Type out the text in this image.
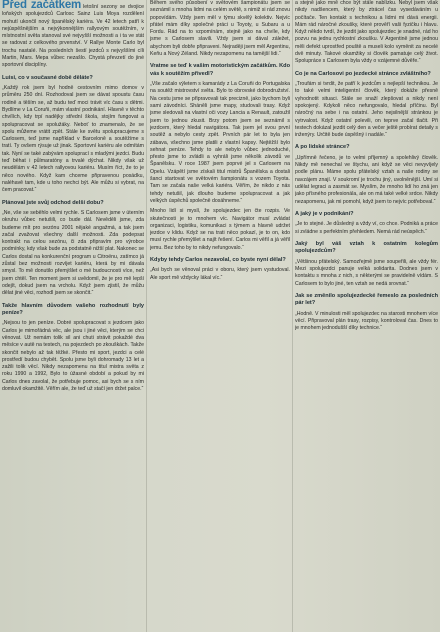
Před začátkem letošní sezony se dvojice loňských spolujezdců Carlosc Sainz Luis Moya rozdělení mohutí ukončil nový španělský kariéra. Ve 42 letech patří k nejúspěšnějším a nejvýkonnějším rallyovým soutěžním, v místnostní světa stanoval své nejvyšší možnosti a i ta ve stát se radovat z celkového prvenství. V Rallye Monte Carlo byl trochu nastalé. Na posledních šestí jezdců s nejvyššími cíli Martin, Mars. Mepa vůbec nezašlo. Chystá převzetí do jiné sportovní disciplíny.

Luisi, co v současné době děláte?

„Každý rok jsem byl hodně cestovním mimo domov v průměru 250 dní. Rozhodoval jsem se dávat spoustu času rodině a těším se, až budu teď moci trávit víc času s dětmi. Bydlíme v La Coruňi, mám vlastní podnikání. Hlavně v těchto chvílích, kdy trpí nadějky střední škola, stojím fungovat a spolupracovat se spolužáky. Neboť to znamenalo, že se spolu můžeme vrátit zpět. Stále ke světu spolupracujeme s Carlosem, teď jsme například v Barceloně a soutěžíme s tratí. Ty ovšem rýsuje už jinak. Sportovní kariéru ale odmítám tak. Nyní se také zabývám spoluprací s mladými jezdci. Budu teď běhat i půlmaratóny a trvalé dýchat. Nikdy však už neudělám v 42 letech rallyovou kariéru. Musím říct, že to je něco nového. Když kam chceme připravenou posádku, naléhavě tam, kde u toho nechci být. Ale můžu si vybrat, na čem pracovat.“

Plánoval jste svůj odchod delší dobu?

„Ne, vše se seběhlo velmi rychle. S Carlosem jsme v úterním okruhu vůbec netušili, co bude dál. Nevěděli jsme, zda budeme mít pro sezónu 2001 nějaké angažmá, a tak jsem začal zvažovat všechny další možnosti. Zda podepsat kontrakt na celou sezónu, či zda připravím pro výrobce podmínky, kdy však bude za podstatně nižší plat. Nakonec se Carlos dostal na konkurenční program u Citroënu, zatímco já zůstal bez možnosti rozvíjet kariéru, která by mi dávala smysl. To mě donutilo přemýšlet o mé budoucnosti více, než jsem chtěl. Ten moment jsem si uvědomil, že je pro mě lepší odejít, dokud jsem na vrcholu. Když jsem zjistil, že můžu dělat jiné věci, rozhodl jsem se skončit.“

Takže hlavním důvodem vašeho rozhodnutí byly peníze?

„Nejsou to jen peníze. Dobré spolupracovat s jezdcem jako Carlos je mimořádná věc, ale jsou i jiné věci, kterým se chci věnovat. Už nemám tolik sil ani chuti strávit pokaždé dva měsíce v autě na testech, na pojezdech po zkouškách. Takže skončit nebylo až tak těžké. Přesto mi sport, jezdci a celé prostředí budou chybět. Spolu jsme byli dohromady 13 let a zažili tolik věcí. Nikdy nezapomenu na titul mistra světa z roku 1990 a 1992, Bylo to úžasné období a pokud by mi Carlos dnes zavolal, že potřebuje pomoc, asi bych se s ním domluvil okamžitě. Věřím ale, že teď už stačí jen držet palce.“

Během svého působení v světovém šampionátu jsem se seznámil s mnoha lidmi na celém světě, s nimiž si rád znovu popovídám. Vždy jsem měl v týmu skvělý kolektiv. Nejvíc přátel mám díky společné práci u Toyoty, u Subaru a u Fordu. Rád na to vzpomínám, stejně jako na chvíle, kdy jsme s Carlosem slavili. Vždy jsem si dával záležet, abychom byli dobře připraveni. Nejraději jsem měl Argentinu, Keňu a Nový Zéland. Nikdy nezapomenu na tamější lidi.“

Vratme se teď k vašim motoristickým začátkům. Kdo vás k soutěžím přivedl?

„Vše začalo výletem s kamarády z La Coruňi do Portugalska na soutěž mistrovství světa. Bylo to obrovské dobrodružství. Na cestu jsme se připravovali tak precizně, jako bychom byli sami závodníci. Sháněli jsme mapy, studovali trasy. Když jsme sledovali na vlastní oči vozy Lancia a Renault, zatoužil jsem to jednou zkusit. Brzy potom jsem se seznámil s jezdcem, který hledal navigátora. Tak jsem jel svou první soutěž a nebylo cesty zpět. Prvních pár let to byla jen zábava, všechno jsme platili z vlastní kapsy. Nejtěžší bylo sehnat peníze. Tehdy to ale nebylo vůbec jednoduché, přesto jsme to zvládli a vyhráli jsme několik závodů ve Španělsku. V roce 1987 jsem poprvé jel s Carlosem na Opelu. Vzápětí jsme získali titul mistrů Španělska a dostali šanci startovat ve světovém šampionátu s vozem Toyota. Tam se začala naše velká kariéra. Věřím, že nikdo z nás tehdy netušil, jak dlouho budeme spolupracovat a jak velkých úspěchů společně dosáhneme.“

Mnoho lidí si myslí, že spolujezdec jen čte rozpis. Ve skutečnosti je to mnohem víc. Navigátor musí zvládat organizaci, logistiku, komunikaci s týmem a hlavně udržet jezdce v klidu. Když se na trati něco pokazí, je to on, kdo musí rychle přemýšlet a najít řešení. Carlos mi věřil a já věřil jemu. Bez toho by to nikdy nefungovalo.“

Kdyby tehdy Carlos nezavolal, co byste nyní dělal?

„Asi bych se věnoval práci v oboru, který jsem vystudoval. Ale sport mě vždycky lákal víc.“

a stejně jako mně chce být stále nablízku. Nebyl jsem však nikdy nadšencem, který by ztrácel čas vysedáváním u počítače. Ten kontakt s technikou a lidmi mi dává energii. Mám rád náročné zkoušky, které prověří vaši fyzičku i hlavu. Když někdo tvrdí, že jezdit jako spolujezdec je snadné, rád ho pozvu na jednu rychlostní zkoušku. V Argentině jsme jednou měli defekt uprostřed pouště a museli kolo vyměnit za necelé dvě minuty. Takové okamžiky si člověk pamatuje celý život. Spolupráce s Carlosem byla vždy o vzájemné důvěře.“

Co je na Carlosovi po jezdecké stránce zvláštního?

„Troufám si tvrdit, že patří k jezdcům s nejlepší technikou. Je to také velmi inteligentní člověk, který dokáže přesně vyhodnotit situaci. Stále se snaží zlepšovat a nikdy není spokojený. Kdykoli něco nefungovalo, hledal příčinu. Byl náročný na sebe i na ostatní. Jeho nejsilnější stránkou je vytrvalost. Když ostatní polevili, on teprve začal tlačit. Při testech dokázal jezdit celý den a večer ještě probírat detaily s inženýry. Určitě bude úspěšný i nadále.“

A po lidské stránce?

„Upřímně řečeno, je to velmi příjemný a spolehlivý člověk. Nikdy mě nenechal ve štychu, ani když se věci nevyvíjely podle plánu. Máme spolu přátelský vztah a naše rodiny se navzájem znají. V soukromí je trochu jiný, uvolněnější. Umí si udělat legraci a zasmát se. Myslím, že mnoho lidí ho zná jen jako přísného profesionála, ale on má také velké srdce. Nikdy nezapomenu, jak mi pomohl, když jsem to nejvíc potřeboval.“

A jaký je v podnikání?

„Je to stejné. Je důsledný a vždy ví, co chce. Podniká a práce si zvládne s perfektním přehledem. Nemá rád neúspěch.“

Jaký byl váš vztah k ostatním kolegům spolujezdcům?

„Většinou přátelský. Samozřejmě jsme soupeřili, ale vždy fér. Mezi spolujezdci panuje velká solidarita. Dodnes jsem v kontaktu s mnoha z nich, s některými se pravidelně vídám. S Carlosem to bylo jiné, ten vztah se nedá srovnat.“

Jak se změnilo spolujezdecké řemeslo za posledních pár let?

„Hodně. V minulosti měl spolujezdec na starosti mnohem více věcí. Připravoval plán trasy, rozpisy, kontroloval čas. Dnes to je mnohem jednodušší díky technice.“
